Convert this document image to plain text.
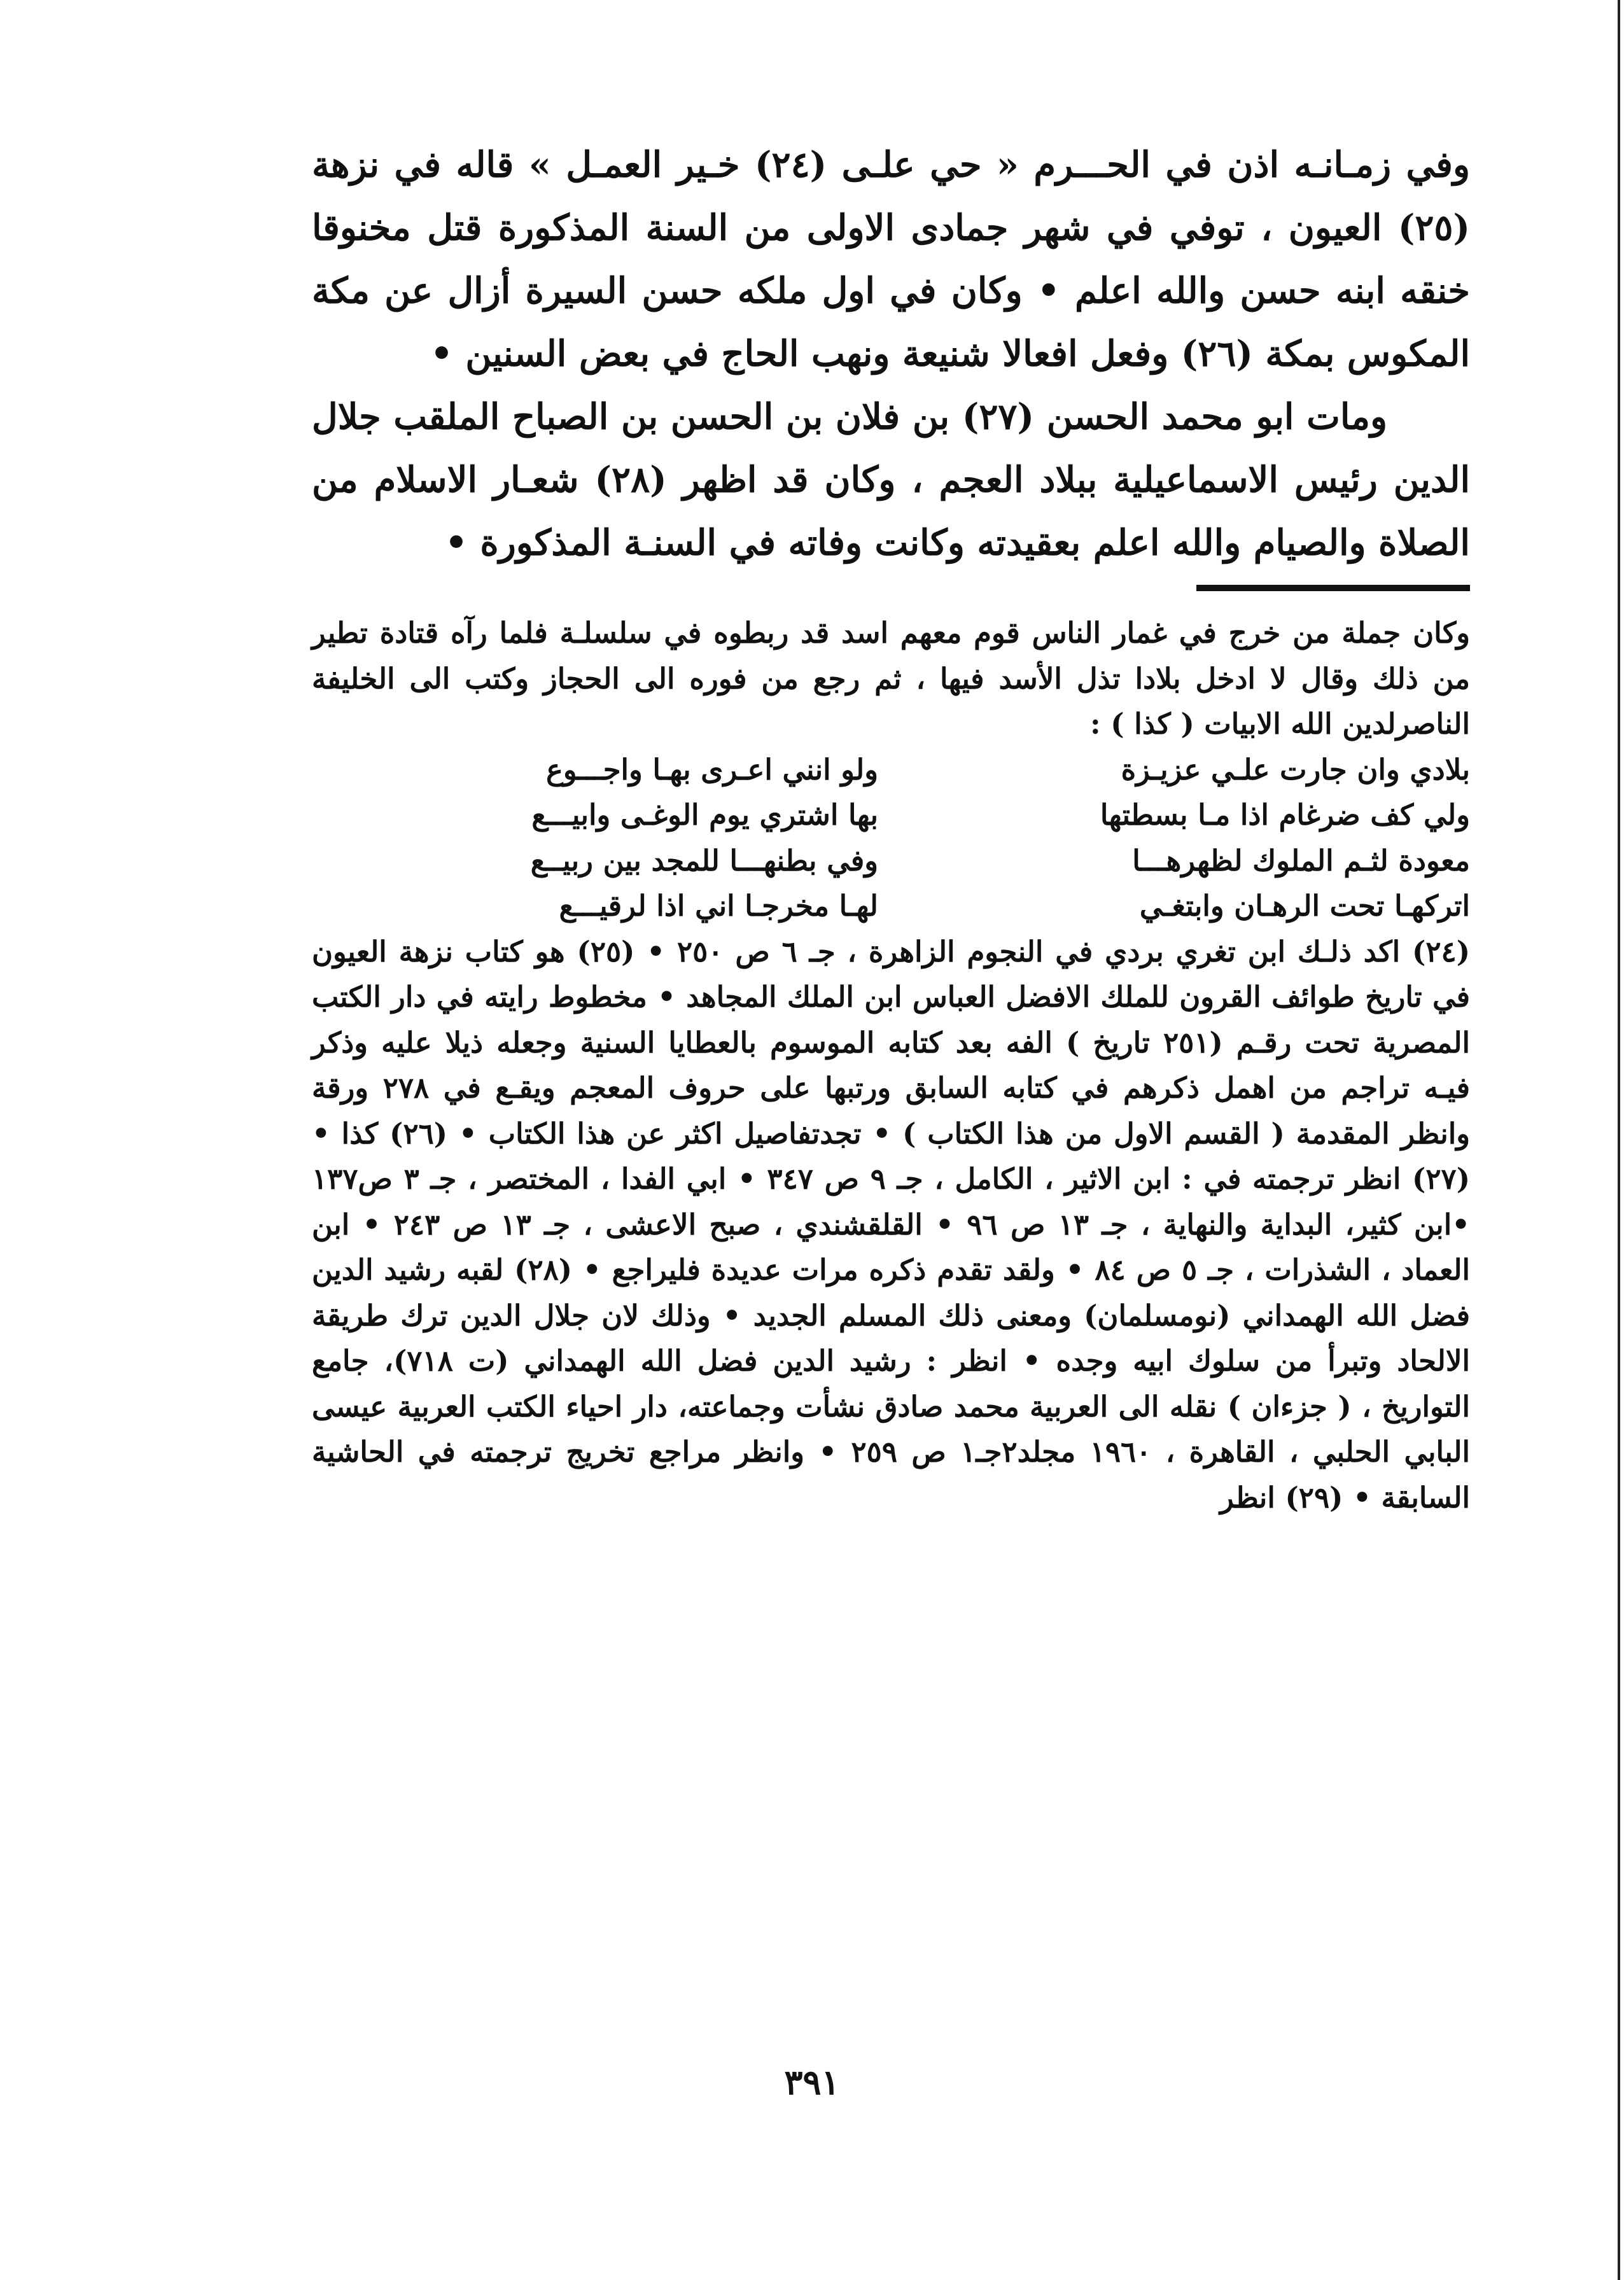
وفي زمـانـه اذن في الحـــرم « حي علـى (٢٤) خـير العمـل » قاله في نزهة (٢٥) العيون ، توفي في شهر جمادى الاولى من السنة المذكورة قتل مخنوقا خنقه ابنه حسن والله اعلم • وكان في اول ملكه حسن السيرة أزال عن مكة المكوس بمكة (٢٦) وفعل افعالا شنيعة ونهب الحاج في بعض السنين •

ومات ابو محمد الحسن (٢٧) بن فلان بن الحسن بن الصباح الملقب جلال الدين رئيس الاسماعيلية ببلاد العجم ، وكان قد اظهر (٢٨) شعـار الاسلام من الصلاة والصيام والله اعلم بعقيدته وكانت وفاته في السنـة المذكورة •

وكان جملة من خرج في غمار الناس قوم معهم اسد قد ربطوه في سلسلـة فلما رآه قتادة تطير من ذلك وقال لا ادخل بلادا تذل الأسد فيها ، ثم رجع من فوره الى الحجاز وكتب الى الخليفة الناصرلدين الله الابيات ( كذا ) :

بلادي وان جارت علـي عزيـزة
ولو انني اعـرى بهـا واجـــوع
ولي كف ضرغام اذا مـا بسطتها
بها اشتري يوم الوغـى وابيـــع
معودة لثـم الملوك لظهرهـــا
وفي بطنهـــا للمجد بين ربيــع
اتركهـا تحت الرهـان وابتغـي
لهـا مخرجـا اني اذا لرقيـــع

(٢٤) اكد ذلـك ابن تغري بردي في النجوم الزاهرة ، جـ ٦ ص ٢٥٠ • (٢٥) هو كتاب نزهة العيون في تاريخ طوائف القرون للملك الافضل العباس ابن الملك المجاهد • مخطوط رايته في دار الكتب المصرية تحت رقـم (٢٥١ تاريخ ) الفه بعد كتابه الموسوم بالعطايا السنية وجعله ذيلا عليه وذكر فيـه تراجم من اهمل ذكرهم في كتابه السابق ورتبها على حروف المعجم ويقـع في ٢٧٨ ورقة وانظر المقدمة ( القسم الاول من هذا الكتاب ) • تجدتفاصيل اكثر عن هذا الكتاب • (٢٦) كذا • (٢٧) انظر ترجمته في : ابن الاثير ، الكامل ، جـ ٩ ص ٣٤٧ • ابي الفدا ، المختصر ، جـ ٣ ص١٣٧ •ابن كثير، البداية والنهاية ، جـ ١٣ ص ٩٦ • القلقشندي ، صبح الاعشى ، جـ ١٣ ص ٢٤٣ • ابن العماد ، الشذرات ، جـ ٥ ص ٨٤ • ولقد تقدم ذكره مرات عديدة فليراجع • (٢٨) لقبه رشيد الدين فضل الله الهمداني (نومسلمان) ومعنى ذلك المسلم الجديد • وذلك لان جلال الدين ترك طريقة الالحاد وتبرأ من سلوك ابيه وجده • انظر : رشيد الدين فضل الله الهمداني (ت ٧١٨)، جامع التواريخ ، ( جزءان ) نقله الى العربية محمد صادق نشأت وجماعته، دار احياء الكتب العربية عيسى البابي الحلبي ، القاهرة ، ١٩٦٠ مجلد٢جـ١ ص ٢٥٩ • وانظر مراجع تخريج ترجمته في الحاشية السابقة • (٢٩) انظر

٣٩١
